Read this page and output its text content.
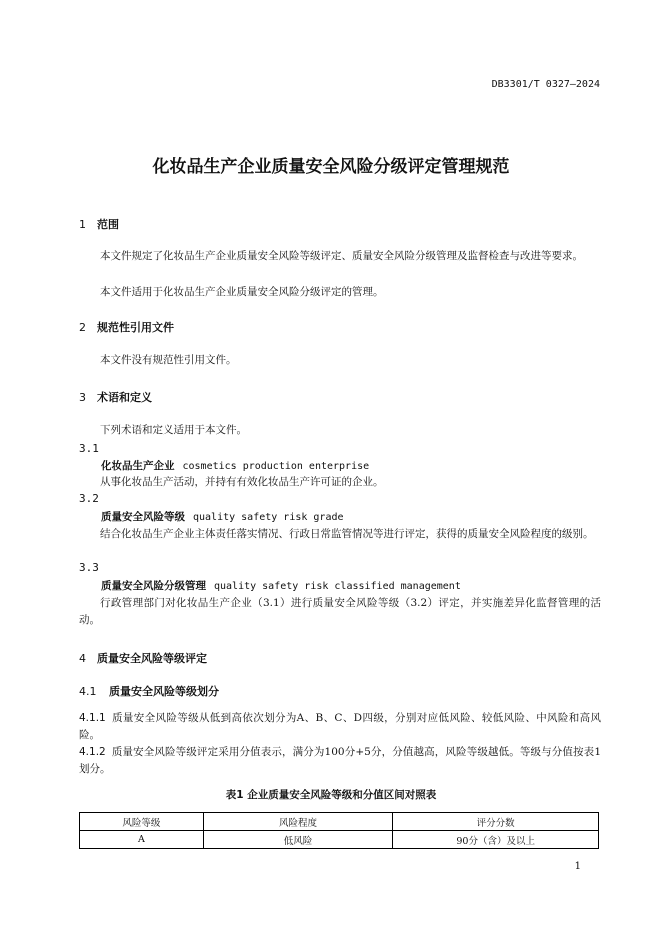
DB3301/T 0327—2024
化妆品生产企业质量安全风险分级评定管理规范
1 范围
本文件规定了化妆品生产企业质量安全风险等级评定、质量安全风险分级管理及监督检查与改进等要求。
本文件适用于化妆品生产企业质量安全风险分级评定的管理。
2 规范性引用文件
本文件没有规范性引用文件。
3 术语和定义
下列术语和定义适用于本文件。
3.1
化妆品生产企业 cosmetics production enterprise
从事化妆品生产活动，并持有有效化妆品生产许可证的企业。
3.2
质量安全风险等级 quality safety risk grade
结合化妆品生产企业主体责任落实情况、行政日常监管情况等进行评定，获得的质量安全风险程度的级别。
3.3
质量安全风险分级管理 quality safety risk classified management
行政管理部门对化妆品生产企业（3.1）进行质量安全风险等级（3.2）评定，并实施差异化监督管理的活动。
4 质量安全风险等级评定
4.1 质量安全风险等级划分
4.1.1 质量安全风险等级从低到高依次划分为A、B、C、D四级，分别对应低风险、较低风险、中风险和高风险。
4.1.2 质量安全风险等级评定采用分值表示，满分为100分+5分，分值越高，风险等级越低。等级与分值按表1划分。
表1 企业质量安全风险等级和分值区间对照表
风险等级	风险程度	评分分数
A	低风险	90分（含）及以上
1
